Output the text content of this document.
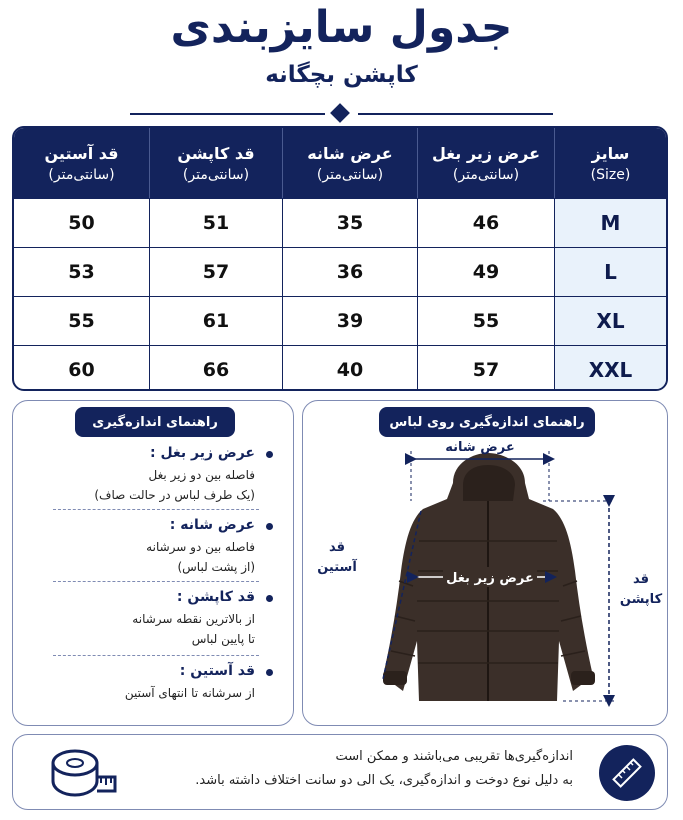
جدول سایزبندی
کاپشن بچگانه
سایز
(Size)
عرض زیر بغل
(سانتی‌متر)
عرض شانه
(سانتی‌متر)
قد کاپشن
(سانتی‌متر)
قد آستین
(سانتی‌متر)
M
46
35
51
50
L
49
36
57
53
XL
55
39
61
55
XXL
57
40
66
60
راهنمای اندازه‌گیری
عرض زیر بغل :
فاصله بین دو زیر بغل
(یک طرف لباس در حالت صاف)
عرض شانه :
فاصله بین دو سرشانه
(از پشت لباس)
قد کاپشن :
از بالاترین نقطه سرشانه
تا پایین لباس
قد آستین :
از سرشانه تا انتهای آستین
راهنمای اندازه‌گیری روی لباس
عرض شانه
عرض زیر بغل
قد
آستین
قد
کاپشن
اندازه‌گیری‌ها تقریبی می‌باشند و ممکن است
به دلیل نوع دوخت و اندازه‌گیری، یک الی دو سانت اختلاف داشته باشد.
